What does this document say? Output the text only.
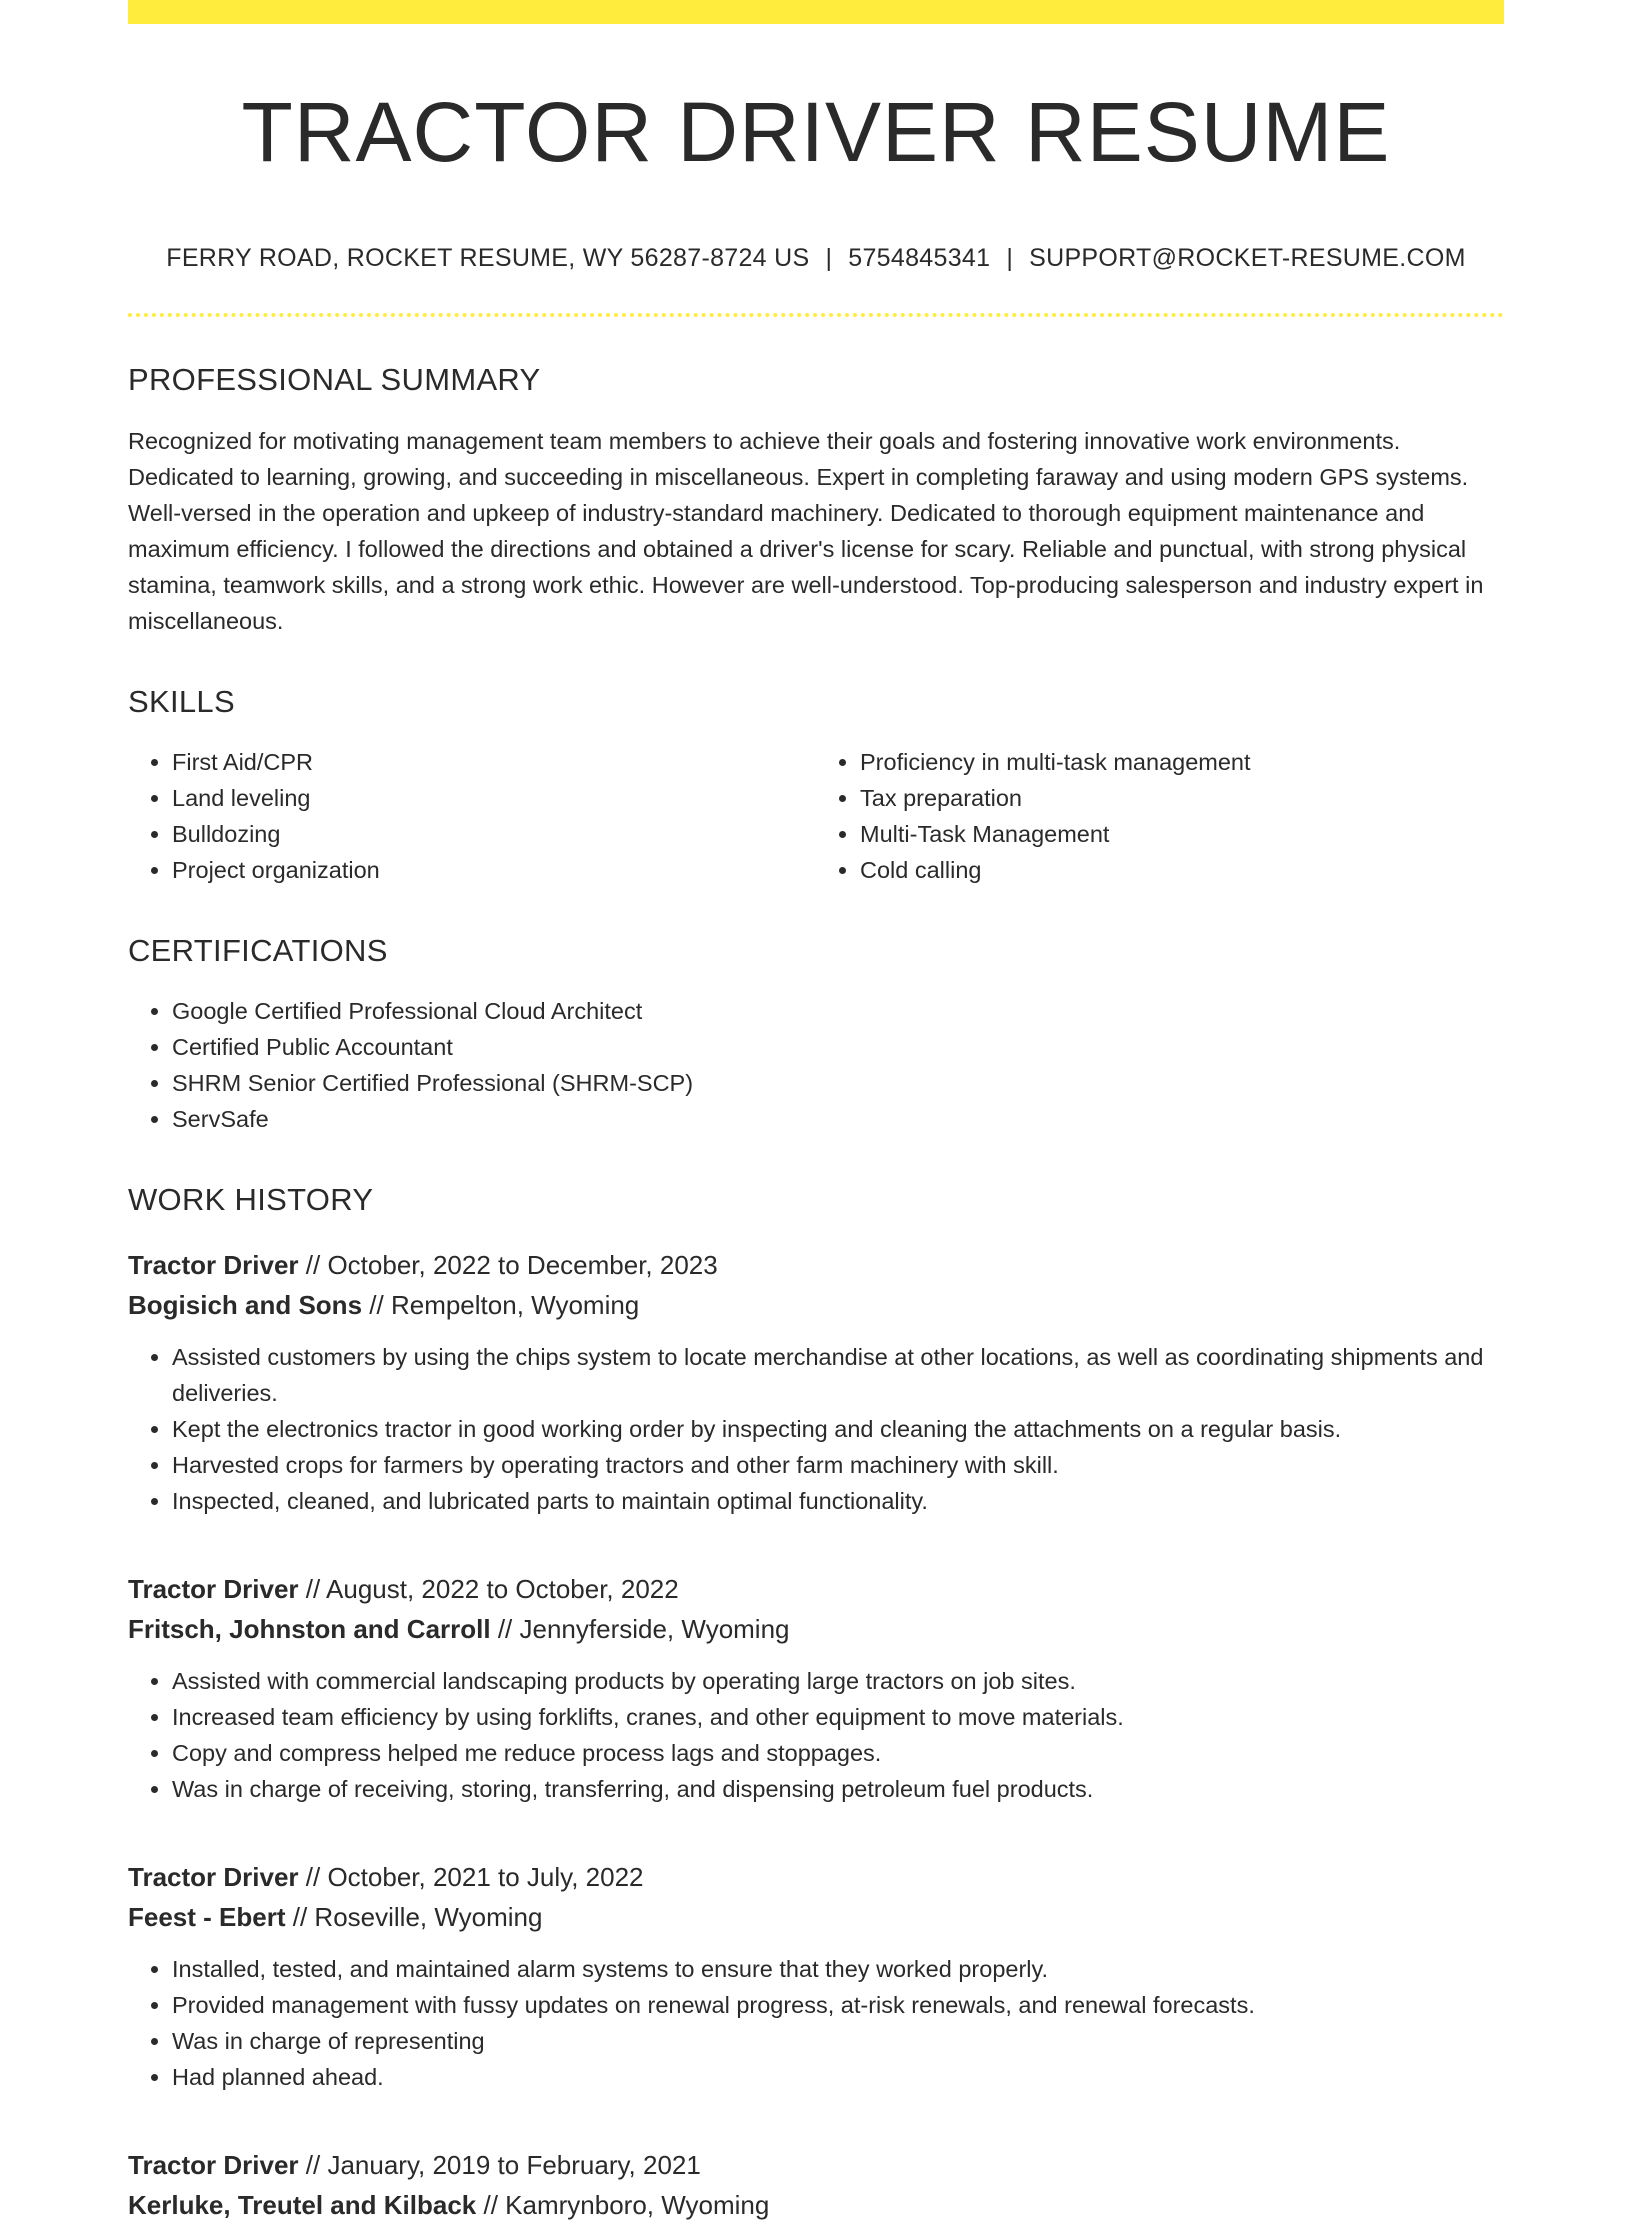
TRACTOR DRIVER RESUME
FERRY ROAD, ROCKET RESUME, WY 56287-8724 US | 5754845341 | SUPPORT@ROCKET-RESUME.COM
PROFESSIONAL SUMMARY

Recognized for motivating management team members to achieve their goals and fostering innovative work environments. Dedicated to learning, growing, and succeeding in miscellaneous. Expert in completing faraway and using modern GPS systems. Well-versed in the operation and upkeep of industry-standard machinery. Dedicated to thorough equipment maintenance and maximum efficiency. I followed the directions and obtained a driver's license for scary. Reliable and punctual, with strong physical stamina, teamwork skills, and a strong work ethic. However are well-understood. Top-producing salesperson and industry expert in miscellaneous.

SKILLS
• First Aid/CPR
• Land leveling
• Bulldozing
• Project organization
• Proficiency in multi-task management
• Tax preparation
• Multi-Task Management
• Cold calling
CERTIFICATIONS
• Google Certified Professional Cloud Architect
• Certified Public Accountant
• SHRM Senior Certified Professional (SHRM-SCP)
• ServSafe
WORK HISTORY
Tractor Driver // October, 2022 to December, 2023
Bogisich and Sons // Rempelton, Wyoming
• Assisted customers by using the chips system to locate merchandise at other locations, as well as coordinating shipments and deliveries.
• Kept the electronics tractor in good working order by inspecting and cleaning the attachments on a regular basis.
• Harvested crops for farmers by operating tractors and other farm machinery with skill.
• Inspected, cleaned, and lubricated parts to maintain optimal functionality.
Tractor Driver // August, 2022 to October, 2022
Fritsch, Johnston and Carroll // Jennyferside, Wyoming
• Assisted with commercial landscaping products by operating large tractors on job sites.
• Increased team efficiency by using forklifts, cranes, and other equipment to move materials.
• Copy and compress helped me reduce process lags and stoppages.
• Was in charge of receiving, storing, transferring, and dispensing petroleum fuel products.
Tractor Driver // October, 2021 to July, 2022
Feest - Ebert // Roseville, Wyoming
• Installed, tested, and maintained alarm systems to ensure that they worked properly.
• Provided management with fussy updates on renewal progress, at-risk renewals, and renewal forecasts.
• Was in charge of representing
• Had planned ahead.
Tractor Driver // January, 2019 to February, 2021
Kerluke, Treutel and Kilback // Kamrynboro, Wyoming
